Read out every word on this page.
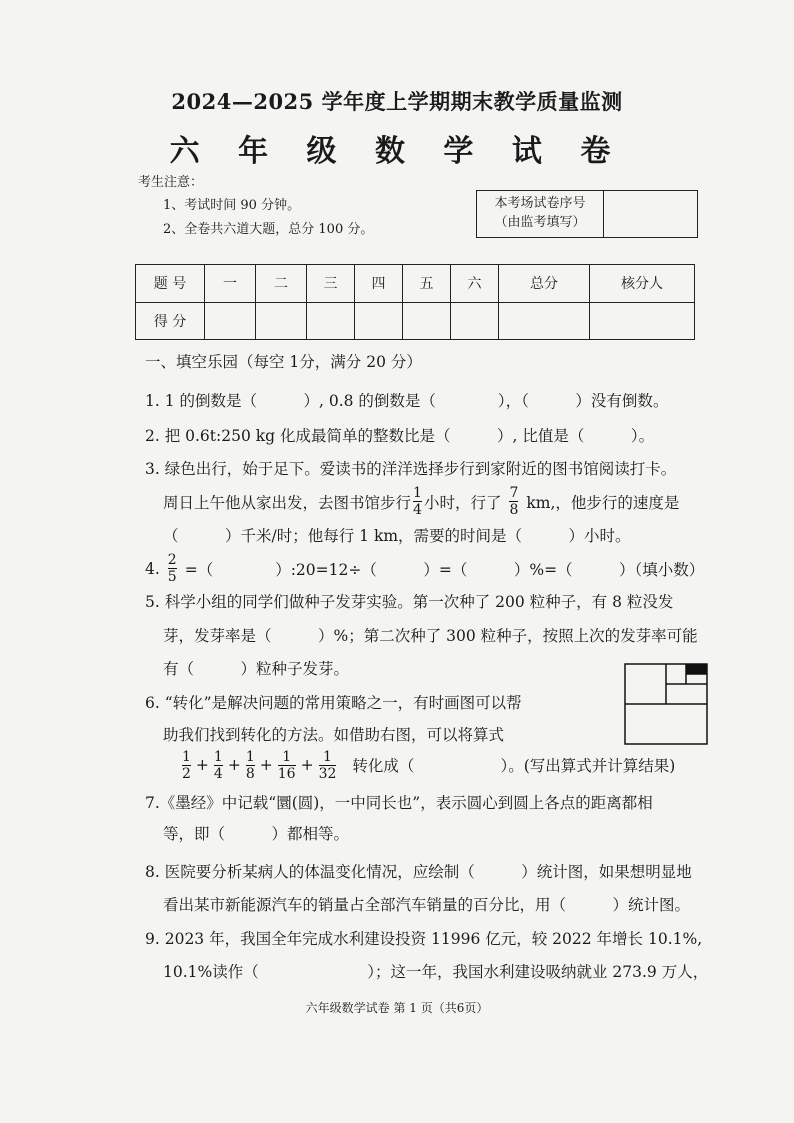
2024—2025 学年度上学期期末教学质量监测
六 年 级 数 学 试 卷
考生注意：
1、考试时间 90 分钟。
2、全卷共六道大题，总分 100 分。
本考场试卷序号
（由监考填写）
题 号	一	二	三	四	五	六	总分	核分人
得 分								
一、填空乐园（每空 1分，满分 20 分）
1. 1 的倒数是（　　　）, 0.8 的倒数是（　　　　），（　　　）没有倒数。
2. 把 0.6t:250 kg 化成最简单的整数比是（　　　）, 比值是（　　　）。
3. 绿色出行，始于足下。爱读书的洋洋选择步行到家附近的图书馆阅读打卡。
周日上午他从家出发，去图书馆步行 $\frac{1}{4}$ 小时，行了 $\frac{7}{8}$ km,，他步行的速度是
（　　　）千米/时；他每行 1 km，需要的时间是（　　　）小时。
4. $\frac{2}{5}$ =（　　　　）:20=12÷（　　　）=（　　　）%=（　　　）（填小数）
5. 科学小组的同学们做种子发芽实验。第一次种了 200 粒种子，有 8 粒没发
芽，发芽率是（　　　）%；第二次种了 300 粒种子，按照上次的发芽率可能
有（　　　）粒种子发芽。
6. “转化”是解决问题的常用策略之一，有时画图可以帮
助我们找到转化的方法。如借助右图，可以将算式
$\frac{1}{2} + \frac{1}{4} + \frac{1}{8} + \frac{1}{16} + \frac{1}{32}$ 转化成（	）。(写出算式并计算结果)
7.《墨经》中记载“圜(圆)，一中同长也”，表示圆心到圆上各点的距离都相
等，即（　　　）都相等。
8. 医院要分析某病人的体温变化情况，应绘制（　　　）统计图，如果想明显地
看出某市新能源汽车的销量占全部汽车销量的百分比，用（　　　）统计图。
9. 2023 年，我国全年完成水利建设投资 11996 亿元，较 2022 年增长 10.1%,
10.1%读作（　　　　　　　）；这一年，我国水利建设吸纳就业 273.9 万人，
六年级数学试卷 第 1 页（共6页）
